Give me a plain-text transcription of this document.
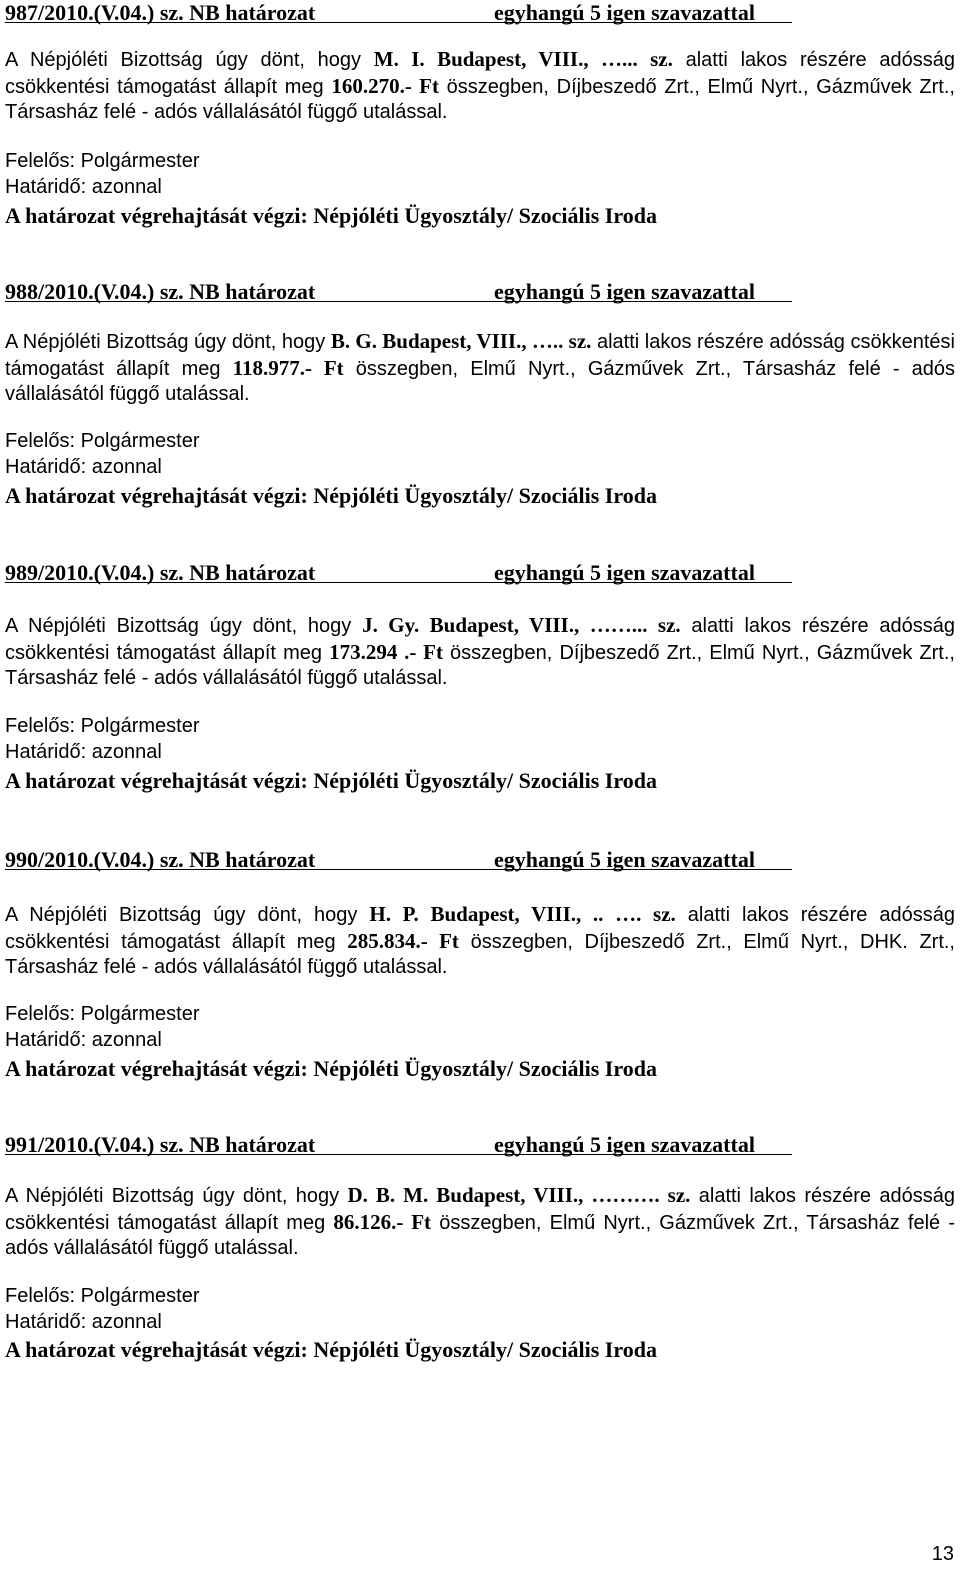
987/2010.(V.04.) sz. NB határozat	egyhangú 5 igen szavazattal
A Népjóléti Bizottság úgy dönt, hogy M. I. Budapest, VIII., …... sz. alatti lakos részére adósság csökkentési támogatást állapít meg 160.270.- Ft összegben, Díjbeszedő Zrt., Elmű Nyrt., Gázművek Zrt., Társasház felé - adós vállalásától függő utalással.
Felelős: Polgármester
Határidő: azonnal
A határozat végrehajtását végzi: Népjóléti Ügyosztály/ Szociális Iroda
988/2010.(V.04.) sz. NB határozat	egyhangú 5 igen szavazattal
A Népjóléti Bizottság úgy dönt, hogy B. G. Budapest, VIII., ….. sz. alatti lakos részére adósság csökkentési támogatást állapít meg 118.977.- Ft összegben, Elmű Nyrt., Gázművek Zrt., Társasház felé - adós vállalásától függő utalással.
Felelős: Polgármester
Határidő: azonnal
A határozat végrehajtását végzi: Népjóléti Ügyosztály/ Szociális Iroda
989/2010.(V.04.) sz. NB határozat	egyhangú 5 igen szavazattal
A Népjóléti Bizottság úgy dönt, hogy J. Gy. Budapest, VIII., ……... sz. alatti lakos részére adósság csökkentési támogatást állapít meg 173.294 .- Ft összegben, Díjbeszedő Zrt., Elmű Nyrt., Gázművek Zrt., Társasház felé - adós vállalásától függő utalással.
Felelős: Polgármester
Határidő: azonnal
A határozat végrehajtását végzi: Népjóléti Ügyosztály/ Szociális Iroda
990/2010.(V.04.) sz. NB határozat	egyhangú 5 igen szavazattal
A Népjóléti Bizottság úgy dönt, hogy H. P. Budapest, VIII., .. …. sz. alatti lakos részére adósság csökkentési támogatást állapít meg 285.834.- Ft összegben, Díjbeszedő Zrt., Elmű Nyrt., DHK. Zrt., Társasház felé - adós vállalásától függő utalással.
Felelős: Polgármester
Határidő: azonnal
A határozat végrehajtását végzi: Népjóléti Ügyosztály/ Szociális Iroda
991/2010.(V.04.) sz. NB határozat	egyhangú 5 igen szavazattal
A Népjóléti Bizottság úgy dönt, hogy D. B. M. Budapest, VIII., ………. sz. alatti lakos részére adósság csökkentési támogatást állapít meg 86.126.- Ft összegben, Elmű Nyrt., Gázművek Zrt., Társasház felé - adós vállalásától függő utalással.
Felelős: Polgármester
Határidő: azonnal
A határozat végrehajtását végzi: Népjóléti Ügyosztály/ Szociális Iroda
13
